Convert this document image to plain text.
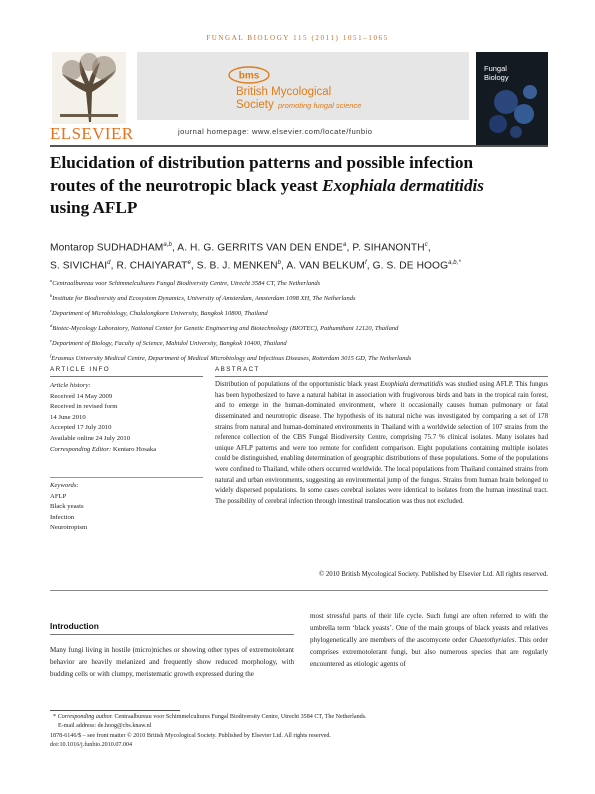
FUNGAL BIOLOGY 115 (2011) 1051–1065
ELSEVIER
bms
British Mycological
Society promoting fungal science
journal homepage: www.elsevier.com/locate/funbio
Fungal
Biology
Elucidation of distribution patterns and possible infection
routes of the neurotropic black yeast Exophiala dermatitidis
using AFLP
Montarop SUDHADHAM$^{a,b}$, A. H. G. GERRITS VAN DEN ENDE$^a$, P. SIHANONTH$^c$,
S. SIVICHAI$^d$, R. CHAIYARAT$^e$, S. B. J. MENKEN$^b$, A. VAN BELKUM$^f$, G. S. DE $HOOG^{a,b,*}$
$^a$Centraalbureau voor Schimmelcultures Fungal Biodiversity Centre, Utrecht 3584 CT, The Netherlands
$^b$Institute for Biodiversity and Ecosystem Dynamics, University of Amsterdam, Amsterdam 1098 XH, The Netherlands
$^c$Department of Microbiology, Chulalongkorn University, Bangkok 10800, Thailand
$^d$Biotec-Mycology Laboratory, National Center for Genetic Engineering and Biotechnology (BIOTEC), Pathumthani 12120, Thailand
$^e$Department of Biology, Faculty of Science, Mahidol University, Bangkok 10400, Thailand
$^f$Erasmus University Medical Centre, Department of Medical Microbiology and Infectious Diseases, Rotterdam 3015 GD, The Netherlands
ARTICLE INFO
Article history:
Received 14 May 2009
Received in revised form
14 June 2010
Accepted 17 July 2010
Available online 24 July 2010
Corresponding Editor: Kentaro Hosaka
Keywords:
AFLP
Black yeasts
Infection
Neurotropism
ABSTRACT
Distribution of populations of the opportunistic black yeast Exophiala dermatitidis was studied using AFLP. This fungus has been hypothesized to have a natural habitat in association with frugivorous birds and bats in the tropical rain forest, and to emerge in the human-dominated environment, where it occasionally causes human pulmonary or fatal disseminated and neurotropic disease. The hypothesis of its natural niche was investigated by comparing a set of 178 strains from natural and human-dominated environments in Thailand with a worldwide selection of 107 strains from the reference collection of the CBS Fungal Biodiversity Centre, comprising 75.7 % clinical isolates. Many isolates had unique AFLP patterns and were too remote for confident comparison. Eight populations containing multiple isolates could be distinguished, enabling determination of geographic distributions of these populations. Some of the populations were confined to Thailand, while others occurred worldwide. The local populations from Thailand contained strains from natural and urban environments, suggesting an environmental jump of the fungus. Strains from human brain belonged to widely dispersed populations. In some cases cerebral isolates were identical to isolates from the human intestinal tract. The possibility of cerebral infection through intestinal translocation was thus not excluded.
© 2010 British Mycological Society. Published by Elsevier Ltd. All rights reserved.
Introduction
Many fungi living in hostile (micro)niches or showing other types of extremotolerant behavior are heavily melanized and frequently show reduced morphology, with budding cells or with clumpy, meristematic growth expressed during the
most stressful parts of their life cycle. Such fungi are often referred to with the umbrella term ‘black yeasts’. One of the main groups of black yeasts and relatives phylogenetically are members of the ascomycete order Chaetothyriales. This order comprises extremotolerant fungi, but also numerous species that are regularly encountered as etiologic agents of
* Corresponding author. Centraalbureau voor Schimmelcultures Fungal Biodiversity Centre, Utrecht 3584 CT, The Netherlands.
E-mail address: de.hoog@cbs.knaw.nl
1878-6146/$ – see front matter © 2010 British Mycological Society. Published by Elsevier Ltd. All rights reserved.
doi:10.1016/j.funbio.2010.07.004
